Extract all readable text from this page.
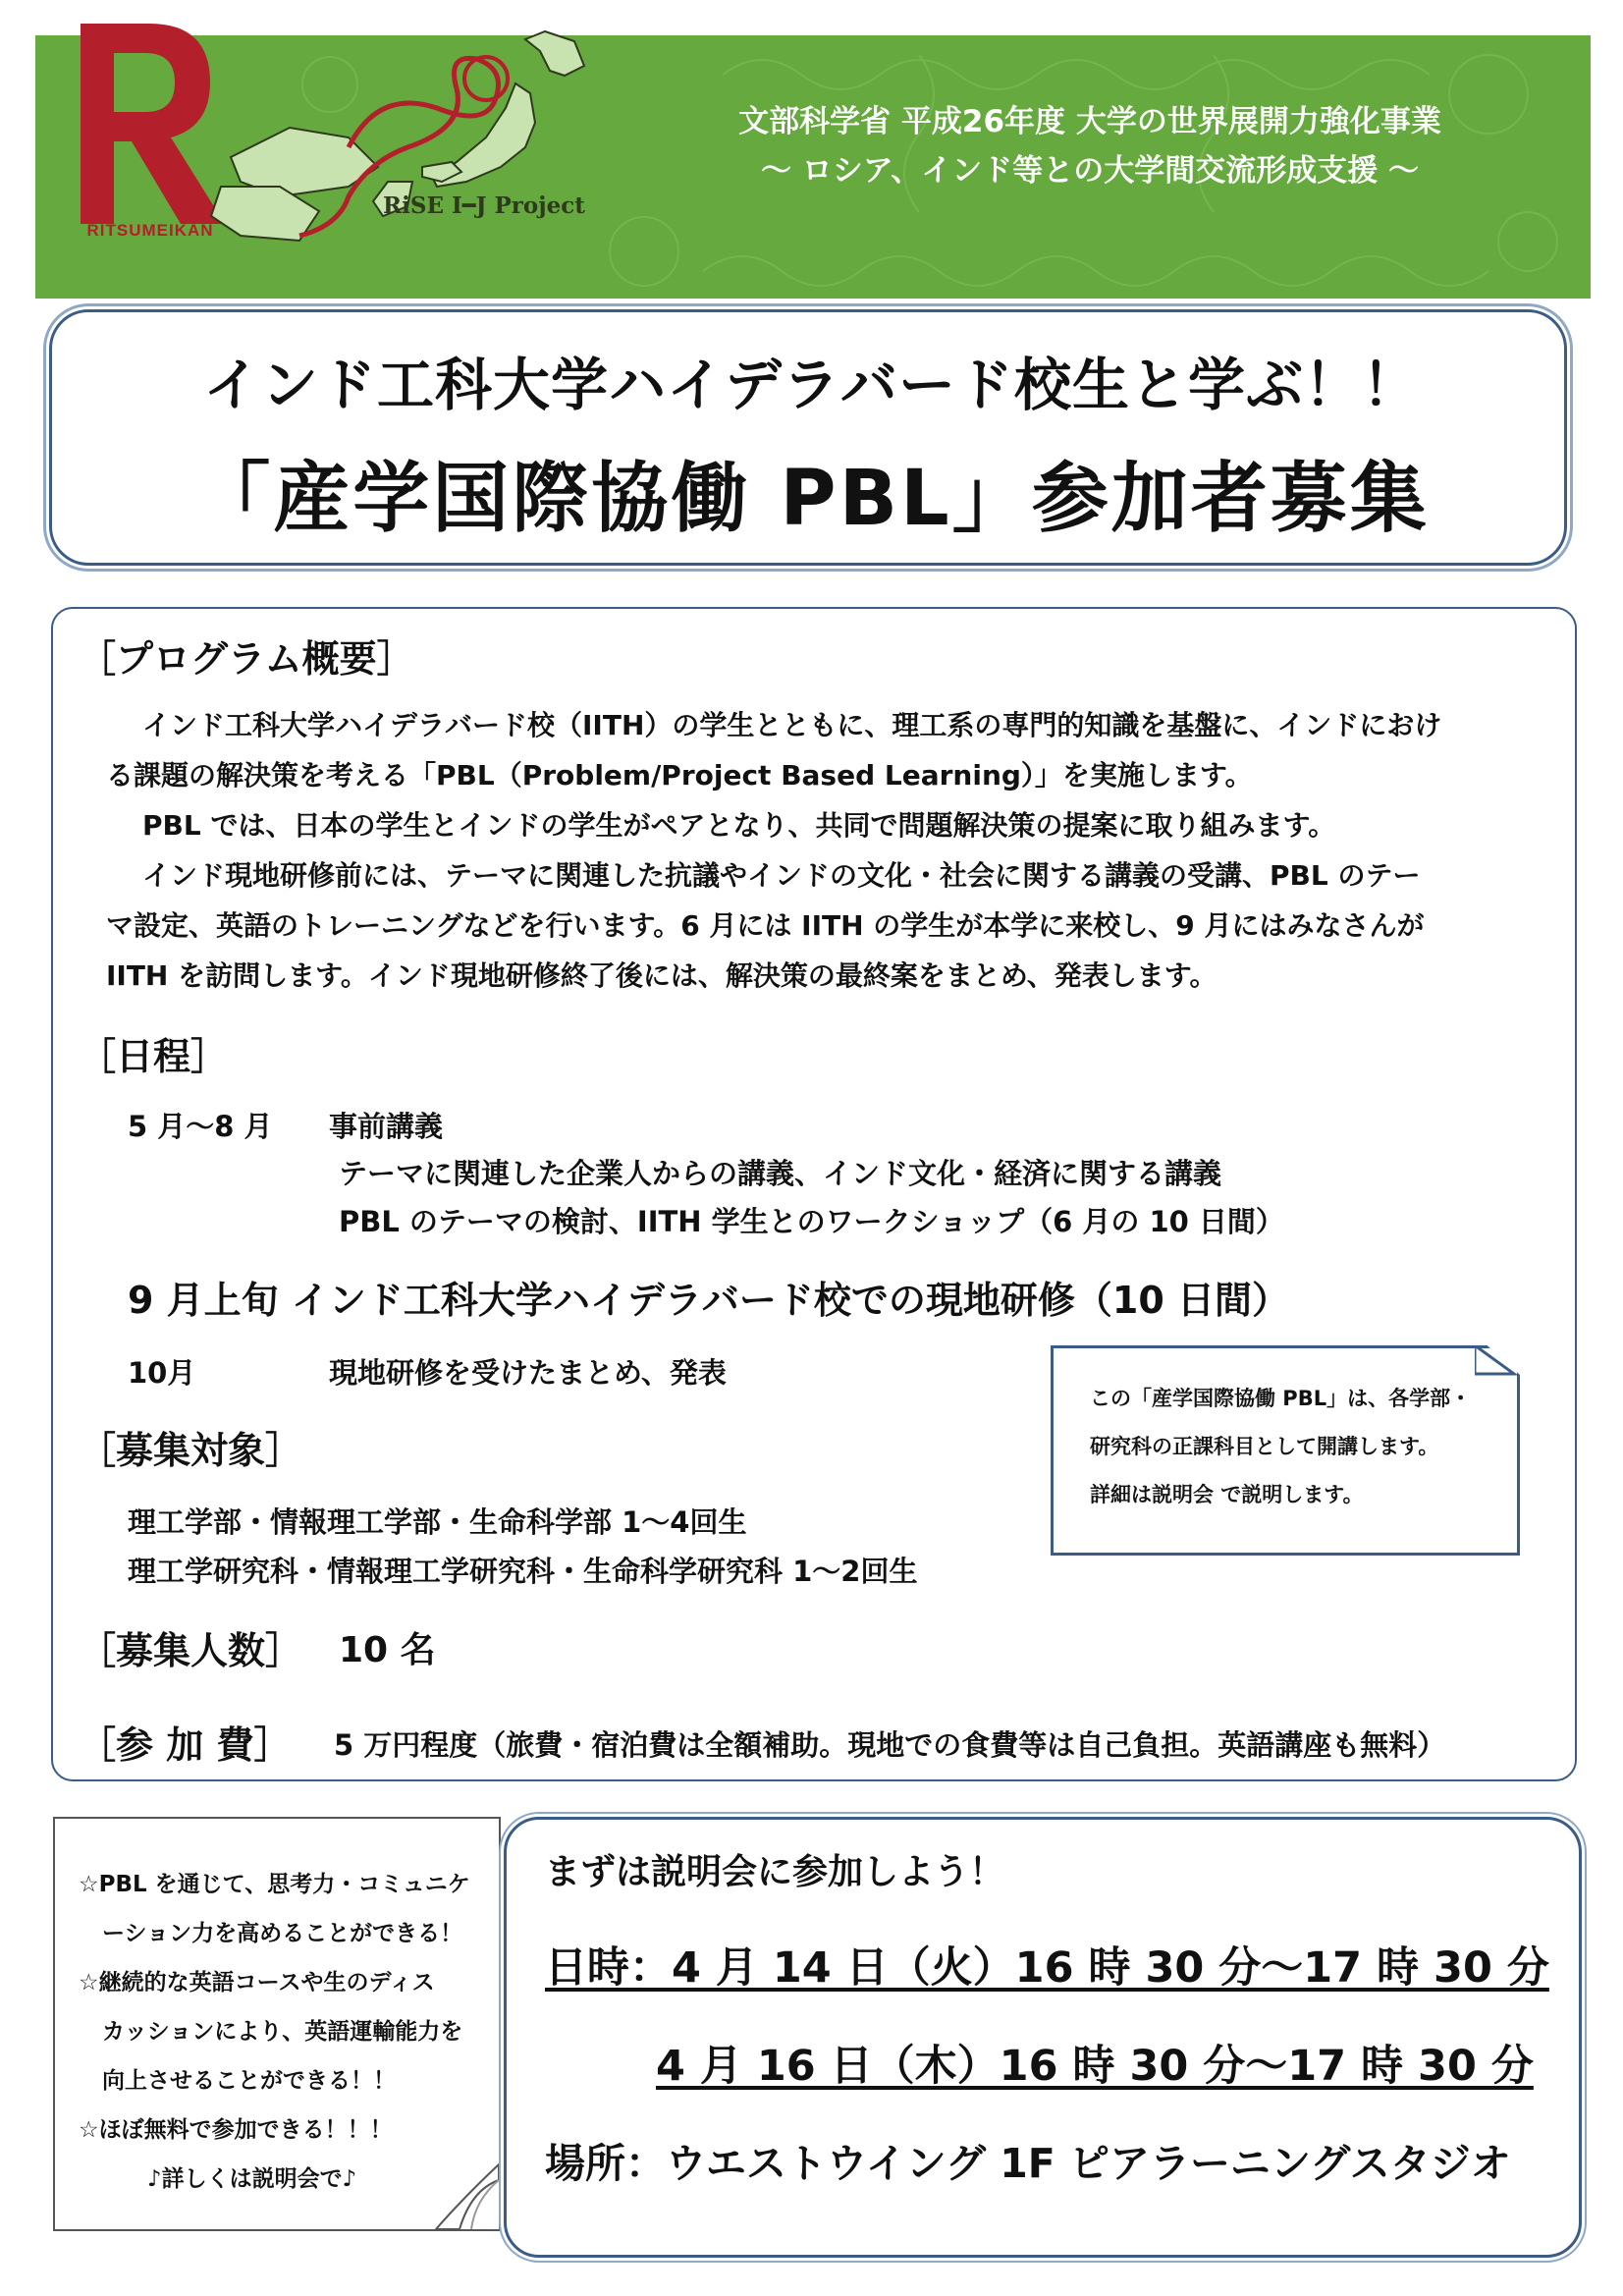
RITSUMEIKAN
RiSE I━J Project
文部科学省 平成26年度 大学の世界展開力強化事業
～ ロシア、インド等との大学間交流形成支援 ～
インド工科大学ハイデラバード校生と学ぶ！！
「産学国際協働 PBL」参加者募集
［プログラム概要］
インド工科大学ハイデラバード校（IITH）の学生とともに、理工系の専門的知識を基盤に、インドにおけ
る課題の解決策を考える「PBL（Problem/Project Based Learning）」を実施します。
PBL では、日本の学生とインドの学生がペアとなり、共同で問題解決策の提案に取り組みます。
インド現地研修前には、テーマに関連した抗議やインドの文化・社会に関する講義の受講、PBL のテー
マ設定、英語のトレーニングなどを行います。6 月には IITH の学生が本学に来校し、9 月にはみなさんが
IITH を訪問します。インド現地研修終了後には、解決策の最終案をまとめ、発表します。
［日程］
5 月～8 月 事前講義
テーマに関連した企業人からの講義、インド文化・経済に関する講義
PBL のテーマの検討、IITH 学生とのワークショップ（6 月の 10 日間）
9 月上旬 インド工科大学ハイデラバード校での現地研修（10 日間）
10月	現地研修を受けたまとめ、発表
この「産学国際協働 PBL」は、各学部・
研究科の正課科目として開講します。
詳細は説明会 で説明します。
［募集対象］
理工学部・情報理工学部・生命科学部 1～4回生
理工学研究科・情報理工学研究科・生命科学研究科 1～2回生
［募集人数］ 10 名
［参 加 費］ 5 万円程度（旅費・宿泊費は全額補助。現地での食費等は自己負担。英語講座も無料）
☆PBL を通じて、思考力・コミュニケ
ーション力を高めることができる！
☆継続的な英語コースや生のディス
カッションにより、英語運輸能力を
向上させることができる！！
☆ほぼ無料で参加できる！！！
♪詳しくは説明会で♪
まずは説明会に参加しよう！
日時：4 月 14 日（火）16 時 30 分～17 時 30 分
4 月 16 日（木）16 時 30 分～17 時 30 分
場所：ウエストウイング 1F ピアラーニングスタジオ
